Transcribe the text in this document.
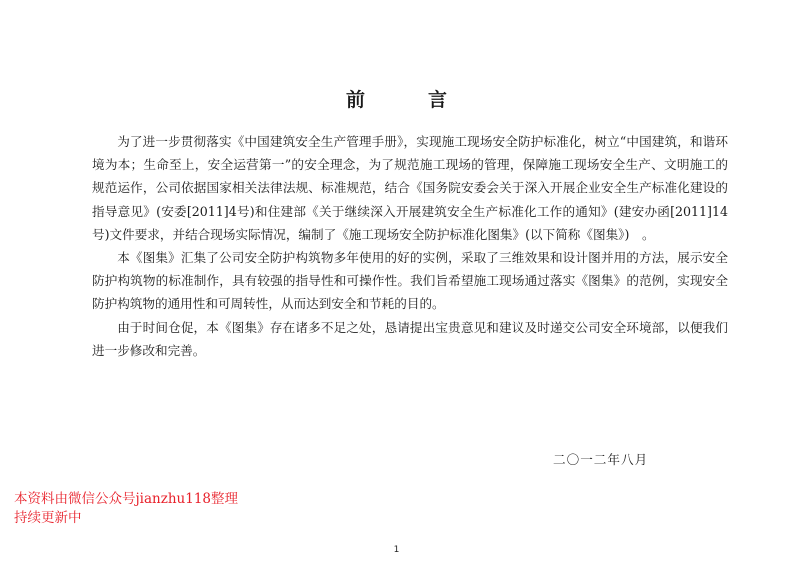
前　言

为了进一步贯彻落实《中国建筑安全生产管理手册》，实现施工现场安全防护标准化，树立“中国建筑，和谐环境为本；生命至上，安全运营第一”的安全理念，为了规范施工现场的管理，保障施工现场安全生产、文明施工的规范运作，公司依据国家相关法律法规、标准规范，结合《国务院安委会关于深入开展企业安全生产标准化建设的指导意见》(安委[2011]4号)和住建部《关于继续深入开展建筑安全生产标准化工作的通知》(建安办函[2011]14号)文件要求，并结合现场实际情况，编制了《施工现场安全防护标准化图集》(以下简称《图集》)　。

本《图集》汇集了公司安全防护构筑物多年使用的好的实例，采取了三维效果和设计图并用的方法，展示安全防护构筑物的标准制作，具有较强的指导性和可操作性。我们旨希望施工现场通过落实《图集》的范例，实现安全防护构筑物的通用性和可周转性，从而达到安全和节耗的目的。

由于时间仓促，本《图集》存在诸多不足之处，恳请提出宝贵意见和建议及时递交公司安全环境部，以便我们进一步修改和完善。

二〇一二年八月
本资料由微信公众号jianzhu118整理
持续更新中
1
